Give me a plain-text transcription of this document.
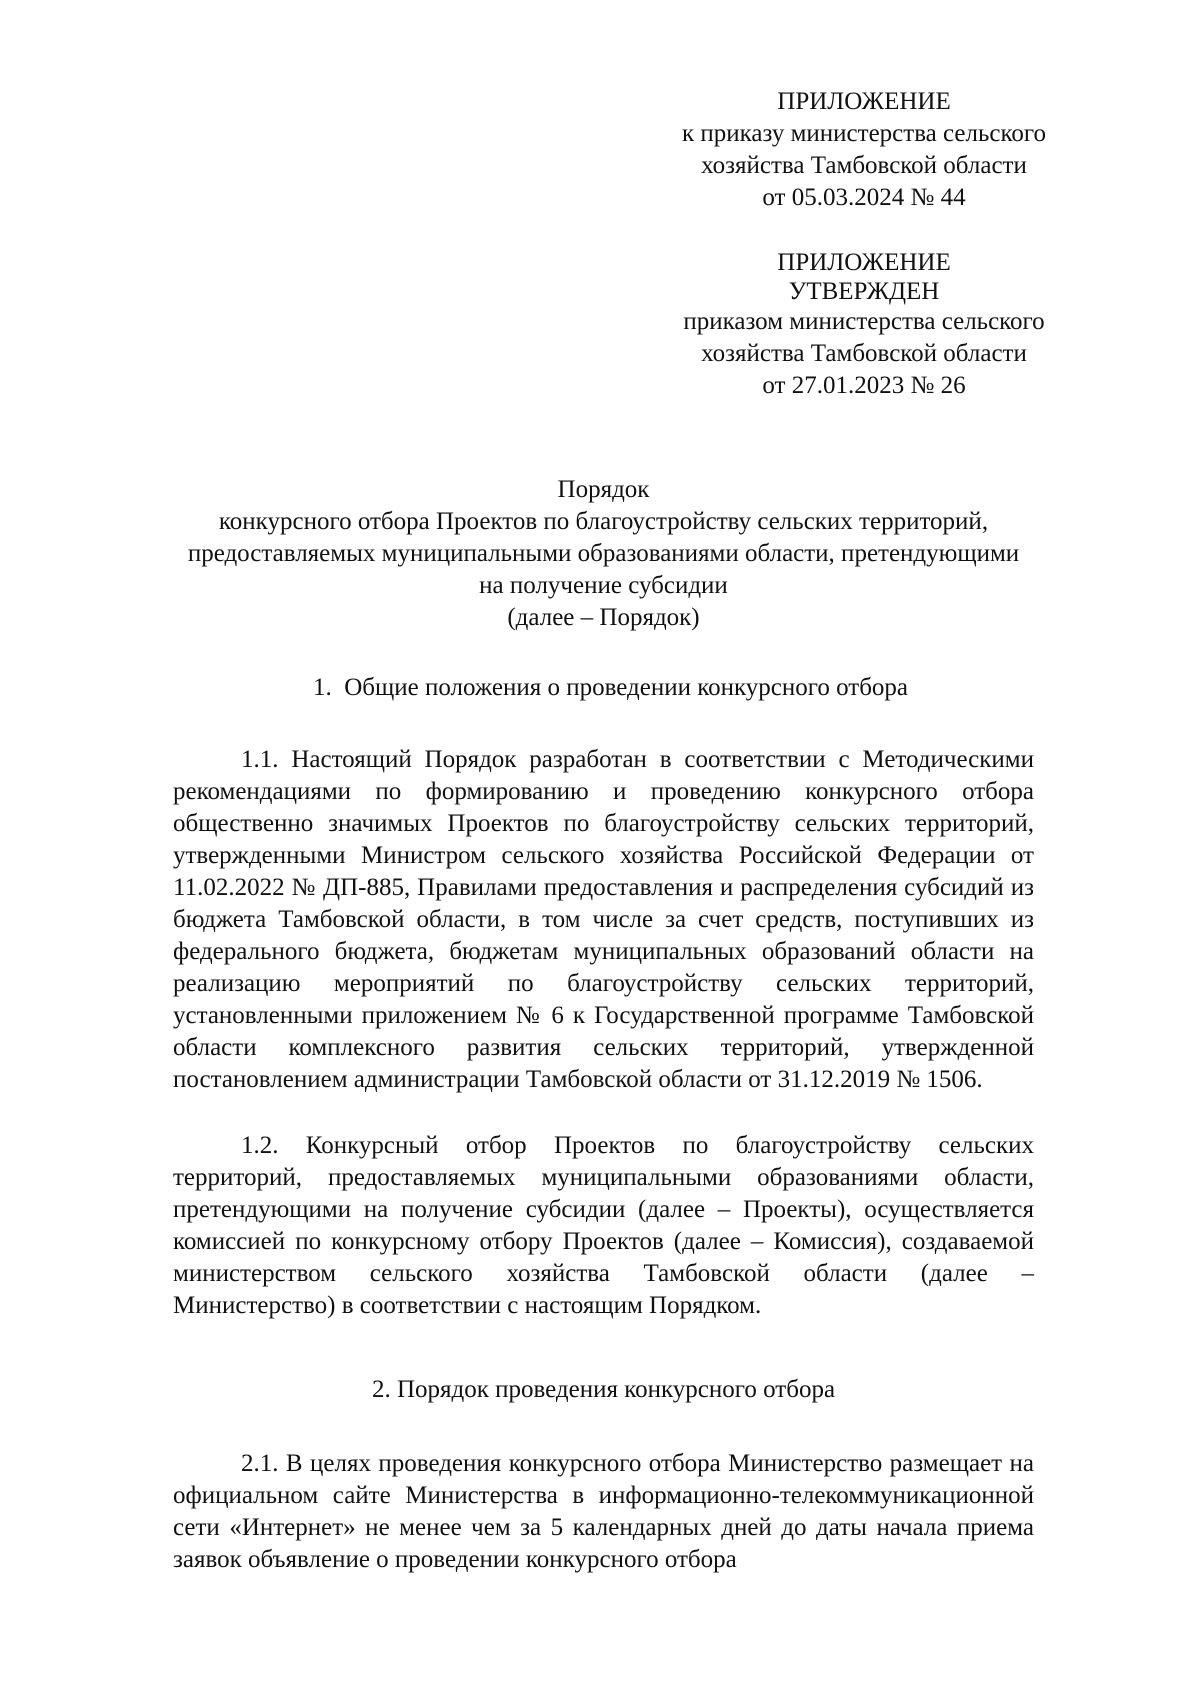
ПРИЛОЖЕНИЕ
к приказу министерства сельского
хозяйства Тамбовской области
от 05.03.2024 № 44
ПРИЛОЖЕНИЕ
УТВЕРЖДЕН
приказом министерства сельского
хозяйства Тамбовской области
от 27.01.2023 № 26
Порядок
конкурсного отбора Проектов по благоустройству сельских территорий,
предоставляемых муниципальными образованиями области, претендующими
на получение субсидии
(далее – Порядок)
1.  Общие положения о проведении конкурсного отбора

1.1. Настоящий Порядок разработан в соответствии с Методическими рекомендациями по формированию и проведению конкурсного отбора общественно значимых Проектов по благоустройству сельских территорий, утвержденными Министром сельского хозяйства Российской Федерации от 11.02.2022 № ДП-885, Правилами предоставления и распределения субсидий из бюджета Тамбовской области, в том числе за счет средств, поступивших из федерального бюджета, бюджетам муниципальных образований области на реализацию мероприятий по благоустройству сельских территорий, установленными приложением № 6 к Государственной программе Тамбовской области комплексного развития сельских территорий, утвержденной постановлением администрации Тамбовской области от 31.12.2019 № 1506.

1.2. Конкурсный отбор Проектов по благоустройству сельских территорий, предоставляемых муниципальными образованиями области, претендующими на получение субсидии (далее – Проекты), осуществляется комиссией по конкурсному отбору Проектов (далее – Комиссия), создаваемой министерством сельского хозяйства Тамбовской области (далее – Министерство) в соответствии с настоящим Порядком.

2. Порядок проведения конкурсного отбора

2.1. В целях проведения конкурсного отбора Министерство размещает на официальном сайте Министерства в информационно-телекоммуникационной сети «Интернет» не менее чем за 5 календарных дней до даты начала приема заявок объявление о проведении конкурсного отбора
